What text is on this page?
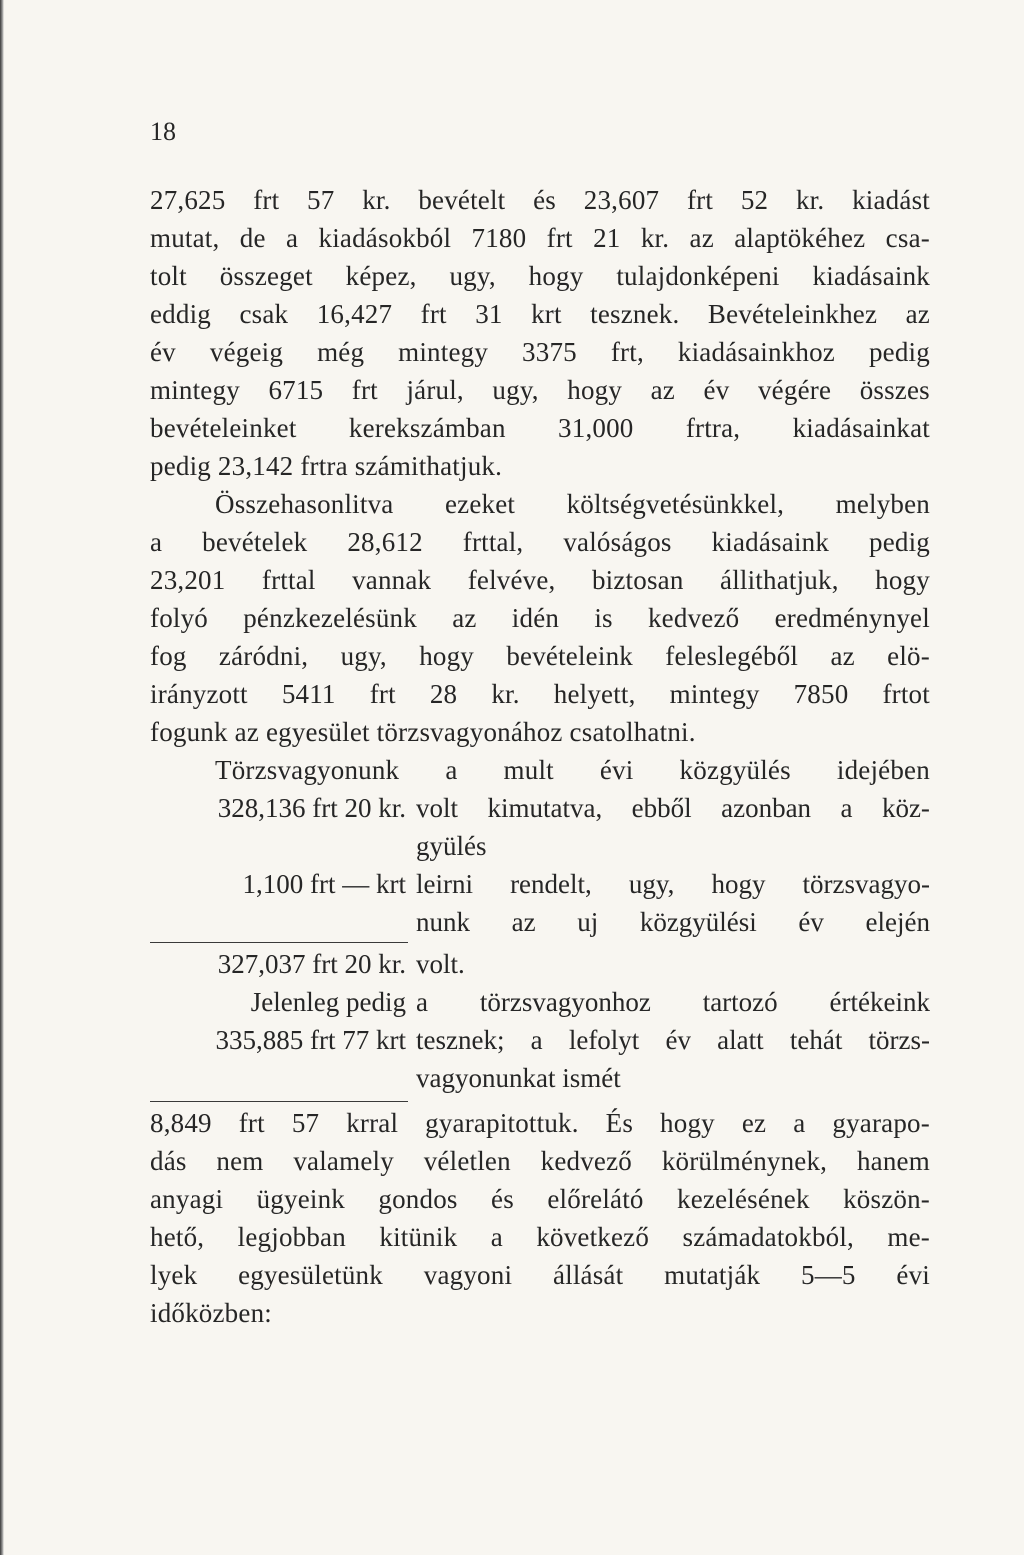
18
27,625 frt 57 kr. bevételt és 23,607 frt 52 kr. kiadást
mutat, de a kiadásokból 7180 frt 21 kr. az alaptökéhez csa-
tolt összeget képez, ugy, hogy tulajdonképeni kiadásaink
eddig csak 16,427 frt 31 krt tesznek. Bevételeinkhez az
év végeig még mintegy 3375 frt, kiadásainkhoz pedig
mintegy 6715 frt járul, ugy, hogy az év végére összes
bevételeinket kerekszámban 31,000 frtra, kiadásainkat
pedig 23,142 frtra számithatjuk.
Összehasonlitva ezeket költségvetésünkkel, melyben
a bevételek 28,612 frttal, valóságos kiadásaink pedig
23,201 frttal vannak felvéve, biztosan állithatjuk, hogy
folyó pénzkezelésünk az idén is kedvező eredménynyel
fog záródni, ugy, hogy bevételeink feleslegéből az elö-
irányzott 5411 frt 28 kr. helyett, mintegy 7850 frtot
fogunk az egyesület törzsvagyonához csatolhatni.
Törzsvagyonunk a mult évi közgyülés idejében
328,136 frt 20 kr. volt kimutatva, ebből azonban a köz-
gyülés
1,100 frt — krt leirni rendelt, ugy, hogy törzsvagyo-
nunk az uj közgyülési év elején
327,037 frt 20 kr. volt.
Jelenleg pedig a törzsvagyonhoz tartozó értékeink
335,885 frt 77 krt tesznek; a lefolyt év alatt tehát törzs-
vagyonunkat ismét
8,849 frt 57 krral gyarapitottuk. És hogy ez a gyarapo-
dás nem valamely véletlen kedvező körülménynek, hanem
anyagi ügyeink gondos és előrelátó kezelésének köszön-
hető, legjobban kitünik a következő számadatokból, me-
lyek egyesületünk vagyoni állását mutatják 5—5 évi
időközben:
